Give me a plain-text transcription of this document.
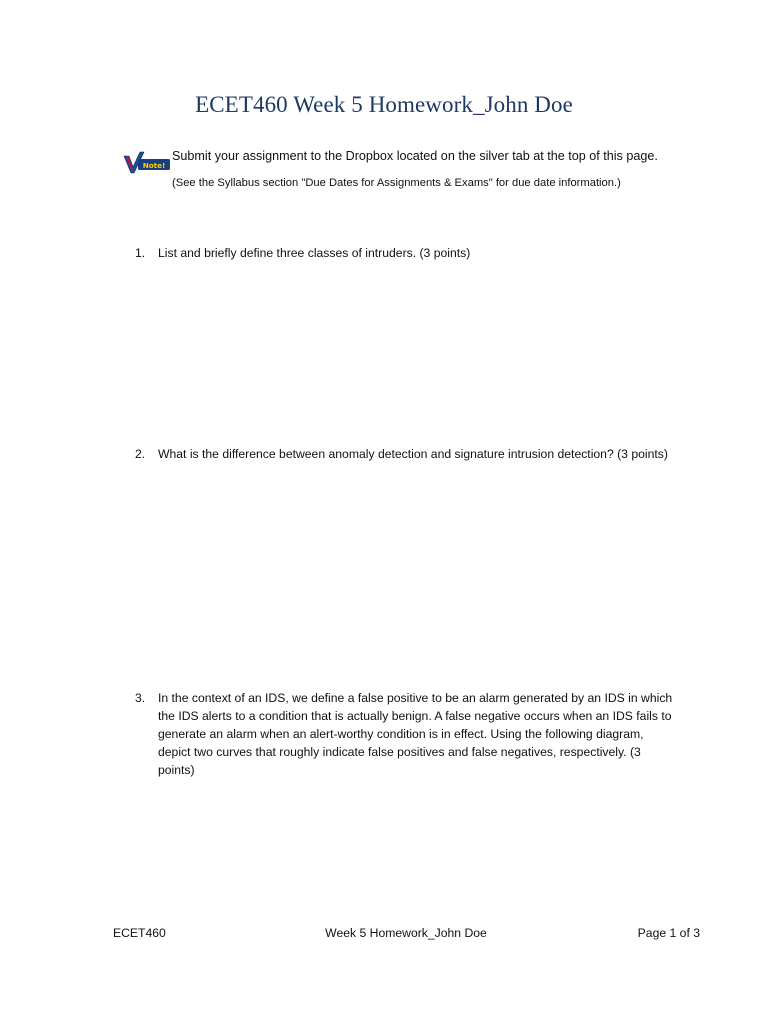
ECET460 Week 5 Homework_John Doe
Note!
Submit your assignment to the Dropbox located on the silver tab at the top of this page.
(See the Syllabus section "Due Dates for Assignments & Exams" for due date information.)
1.	List and briefly define three classes of intruders. (3 points)
2.	What is the difference between anomaly detection and signature intrusion detection? (3 points)
3.	In the context of an IDS, we define a false positive to be an alarm generated by an IDS in which the IDS alerts to a condition that is actually benign. A false negative occurs when an IDS fails to generate an alarm when an alert-worthy condition is in effect. Using the following diagram, depict two curves that roughly indicate false positives and false negatives, respectively. (3 points)
ECET460	Week 5 Homework_John Doe	Page 1 of 3
